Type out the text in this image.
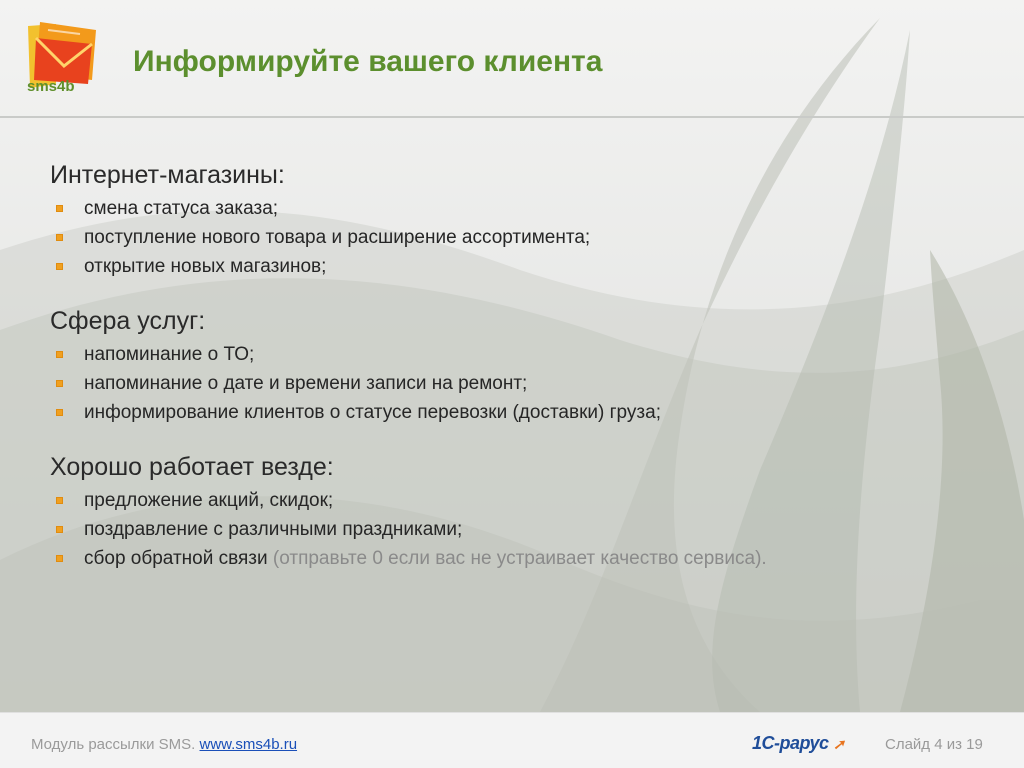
sms4b
Информируйте вашего клиента
Интернет-магазины:
смена статуса заказа;
поступление нового товара и расширение ассортимента;
открытие новых магазинов;
Сфера услуг:
напоминание о ТО;
напоминание о дате и времени записи на ремонт;
информирование клиентов о статусе перевозки (доставки) груза;
Хорошо работает везде:
предложение акций, скидок;
поздравление с различными праздниками;
сбор обратной связи (отправьте 0 если вас не устраивает качество сервиса).
Модуль рассылки SMS. www.sms4b.ru	1С-рарус ➚	Слайд 4 из 19
